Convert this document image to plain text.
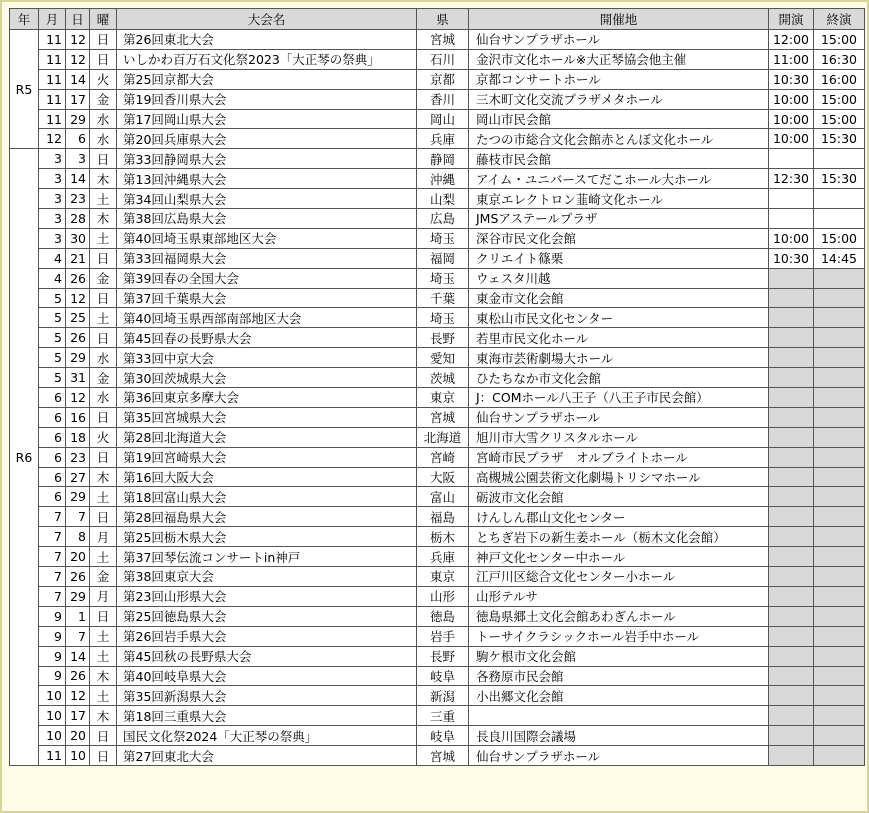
年	月	日	曜	大会名	県	開催地	開演	終演
R5	11	12	日	第26回東北大会	宮城	仙台サンプラザホール	12:00	15:00
	11	12	日	いしかわ百万石文化祭2023「大正琴の祭典」	石川	金沢市文化ホール※大正琴協会他主催	11:00	16:30
	11	14	火	第25回京都大会	京都	京都コンサートホール	10:30	16:00
	11	17	金	第19回香川県大会	香川	三木町文化交流プラザメタホール	10:00	15:00
	11	29	水	第17回岡山県大会	岡山	岡山市民会館	10:00	15:00
	12	6	水	第20回兵庫県大会	兵庫	たつの市総合文化会館赤とんぼ文化ホール	10:00	15:30
R6	3	3	日	第33回静岡県大会	静岡	藤枝市民会館		
	3	14	木	第13回沖縄県大会	沖縄	アイム・ユニバースてだこホール大ホール	12:30	15:30
	3	23	土	第34回山梨県大会	山梨	東京エレクトロン韮崎文化ホール		
	3	28	木	第38回広島県大会	広島	JMSアステールプラザ		
	3	30	土	第40回埼玉県東部地区大会	埼玉	深谷市民文化会館	10:00	15:00
	4	21	日	第33回福岡県大会	福岡	クリエイト篠栗	10:30	14:45
	4	26	金	第39回春の全国大会	埼玉	ウェスタ川越		
	5	12	日	第37回千葉県大会	千葉	東金市文化会館		
	5	25	土	第40回埼玉県西部南部地区大会	埼玉	東松山市民文化センター		
	5	26	日	第45回春の長野県大会	長野	若里市民文化ホール		
	5	29	水	第33回中京大会	愛知	東海市芸術劇場大ホール		
	5	31	金	第30回茨城県大会	茨城	ひたちなか市文化会館		
	6	12	水	第36回東京多摩大会	東京	J：COMホール八王子（八王子市民会館）		
	6	16	日	第35回宮城県大会	宮城	仙台サンプラザホール		
	6	18	火	第28回北海道大会	北海道	旭川市大雪クリスタルホール		
	6	23	日	第19回宮崎県大会	宮崎	宮崎市民プラザ　オルブライトホール		
	6	27	木	第16回大阪大会	大阪	高槻城公園芸術文化劇場トリシマホール		
	6	29	土	第18回富山県大会	富山	砺波市文化会館		
	7	7	日	第28回福島県大会	福島	けんしん郡山文化センター		
	7	8	月	第25回栃木県大会	栃木	とちぎ岩下の新生姜ホール（栃木文化会館）		
	7	20	土	第37回琴伝流コンサートin神戸	兵庫	神戸文化センター中ホール		
	7	26	金	第38回東京大会	東京	江戸川区総合文化センター小ホール		
	7	29	月	第23回山形県大会	山形	山形テルサ		
	9	1	日	第25回徳島県大会	徳島	徳島県郷土文化会館あわぎんホール		
	9	7	土	第26回岩手県大会	岩手	トーサイクラシックホール岩手中ホール		
	9	14	土	第45回秋の長野県大会	長野	駒ケ根市文化会館		
	9	26	木	第40回岐阜県大会	岐阜	各務原市民会館		
	10	12	土	第35回新潟県大会	新潟	小出郷文化会館		
	10	17	木	第18回三重県大会	三重			
	10	20	日	国民文化祭2024「大正琴の祭典」	岐阜	長良川国際会議場		
	11	10	日	第27回東北大会	宮城	仙台サンプラザホール		
